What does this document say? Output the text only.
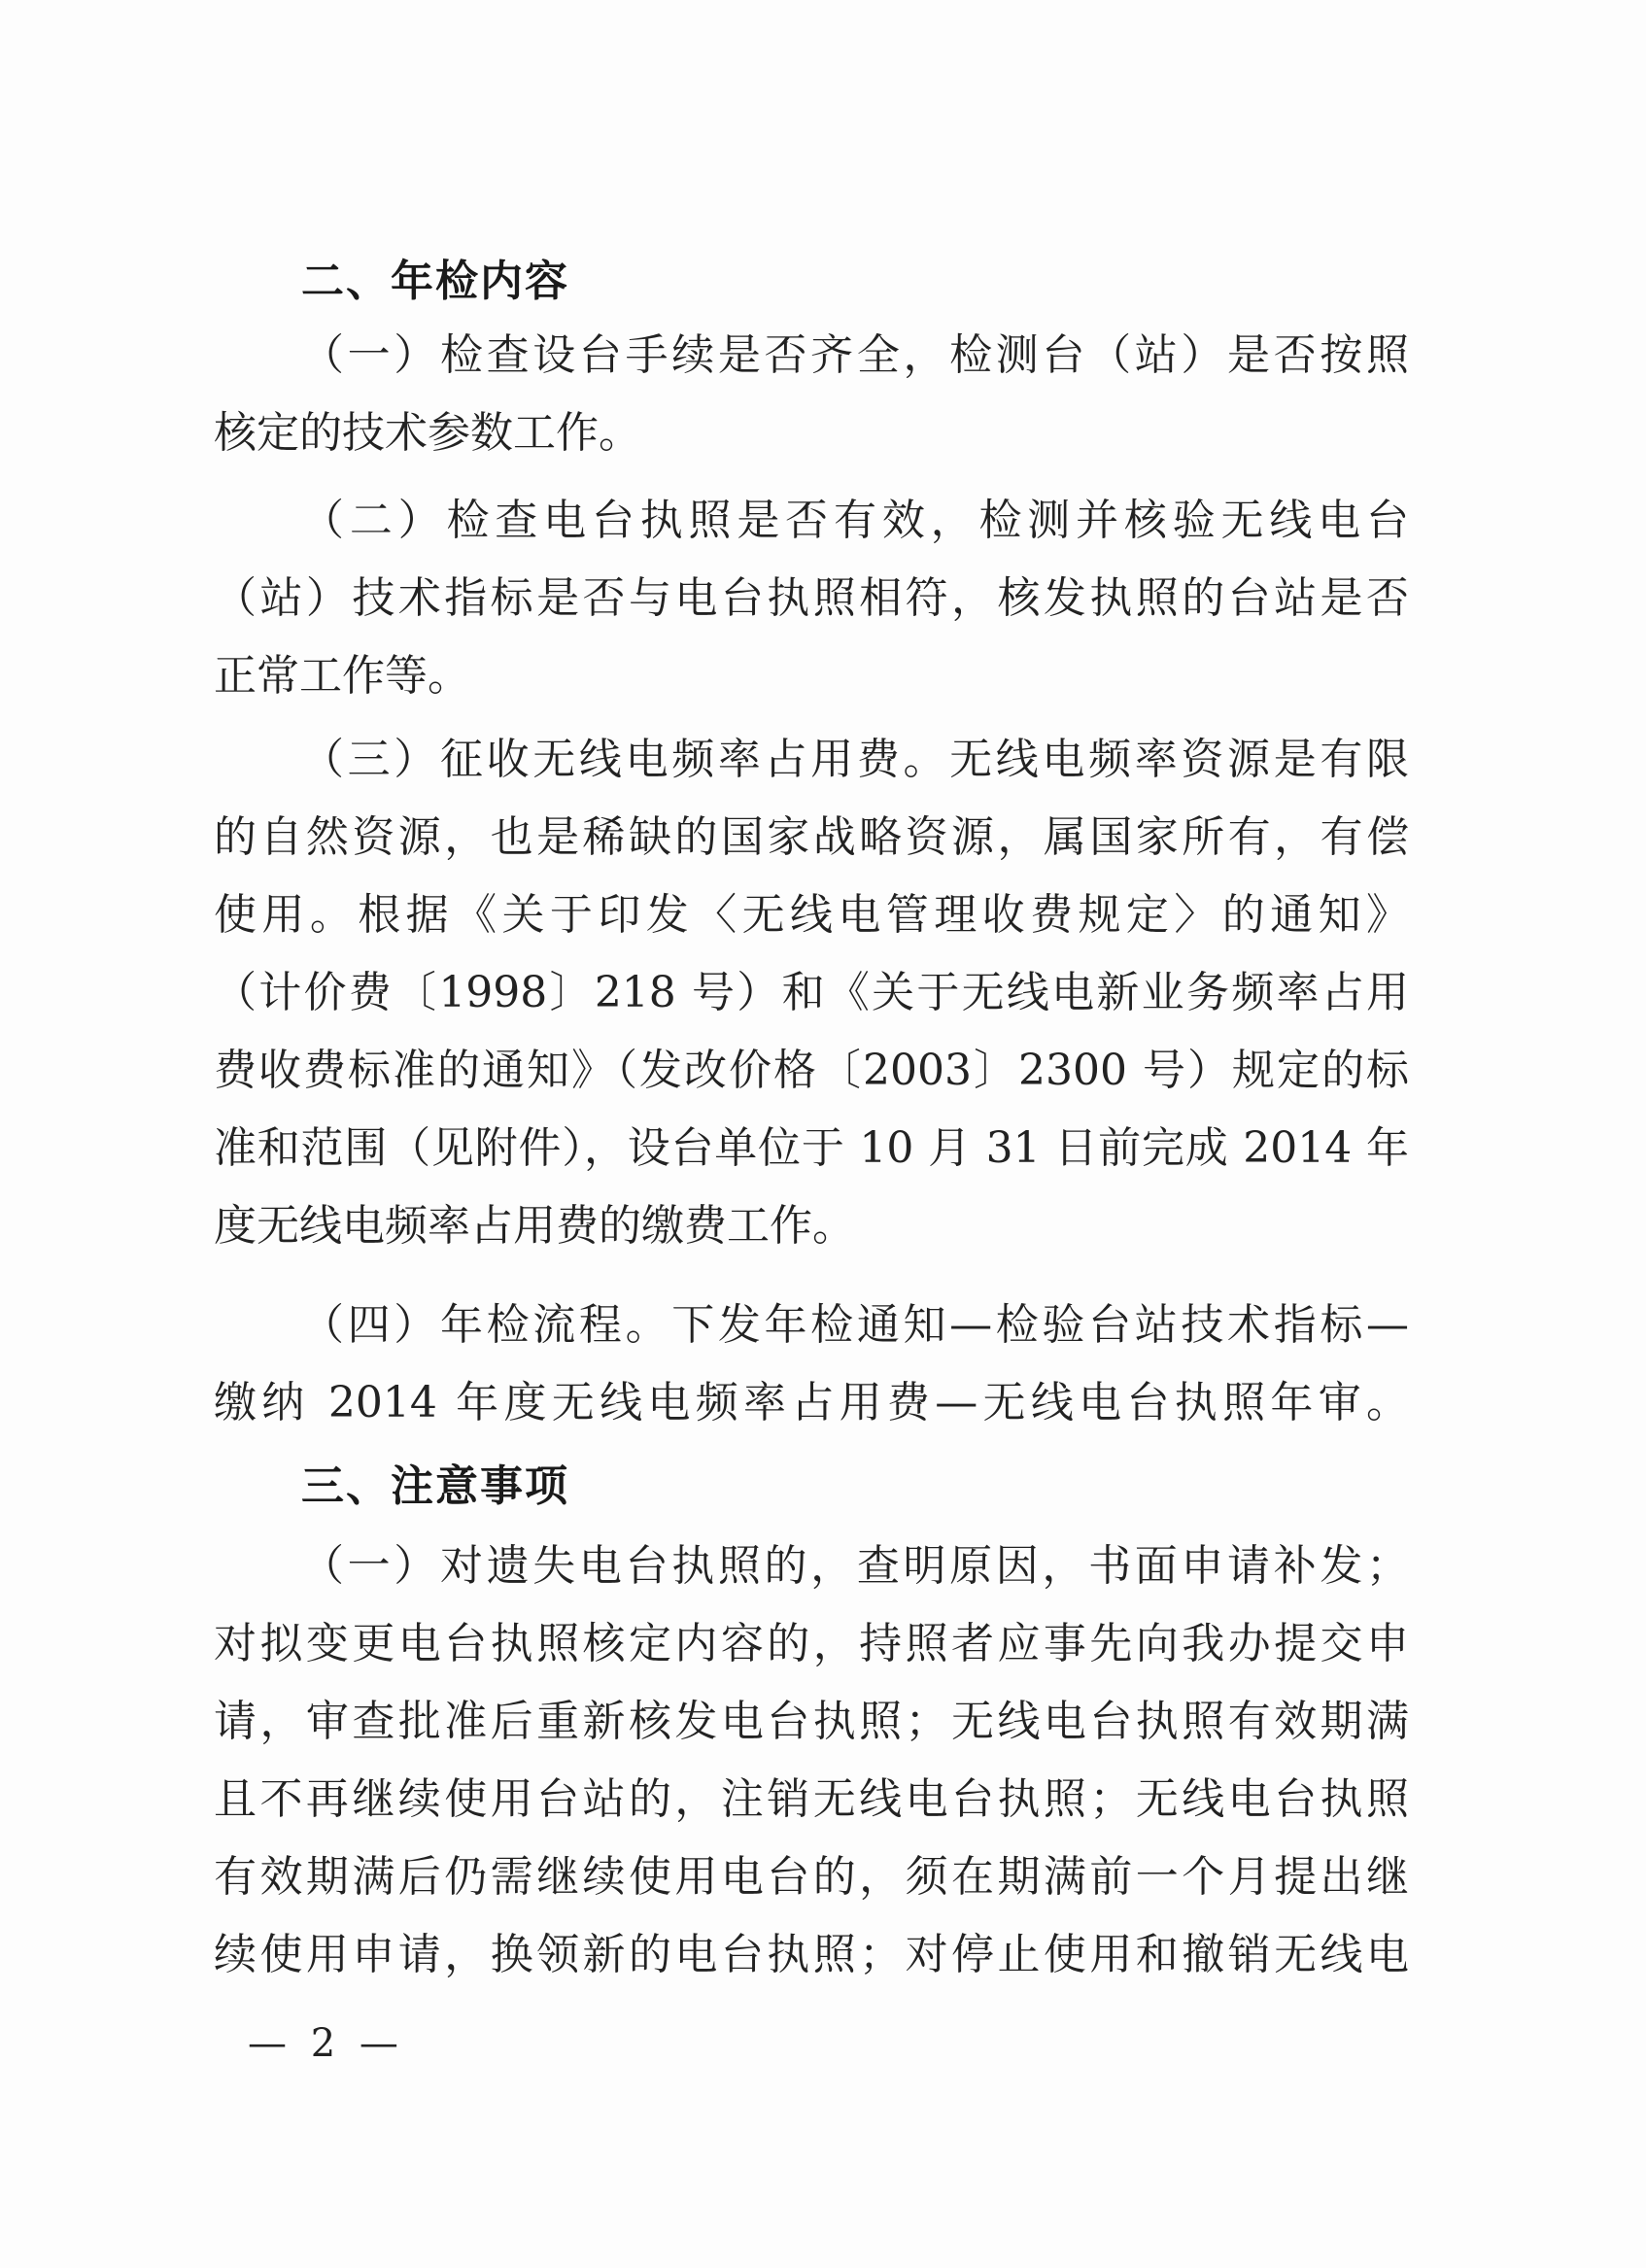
二、年检内容
（一）检查设台手续是否齐全，检测台（站）是否按照
核定的技术参数工作。
（二）检查电台执照是否有效，检测并核验无线电台
（站）技术指标是否与电台执照相符，核发执照的台站是否
正常工作等。
（三）征收无线电频率占用费。无线电频率资源是有限
的自然资源，也是稀缺的国家战略资源，属国家所有，有偿
使用。根据《关于印发〈无线电管理收费规定〉的通知》
（计价费〔1998〕218 号）和《关于无线电新业务频率占用
费收费标准的通知》（发改价格〔2003〕2300 号）规定的标
准和范围（见附件），设台单位于 10 月 31 日前完成 2014 年
度无线电频率占用费的缴费工作。
（四）年检流程。下发年检通知—检验台站技术指标—
缴纳 2014 年度无线电频率占用费—无线电台执照年审。
三、注意事项
（一）对遗失电台执照的，查明原因，书面申请补发；
对拟变更电台执照核定内容的，持照者应事先向我办提交申
请，审查批准后重新核发电台执照；无线电台执照有效期满
且不再继续使用台站的，注销无线电台执照；无线电台执照
有效期满后仍需继续使用电台的，须在期满前一个月提出继
续使用申请，换领新的电台执照；对停止使用和撤销无线电
— 2 —
